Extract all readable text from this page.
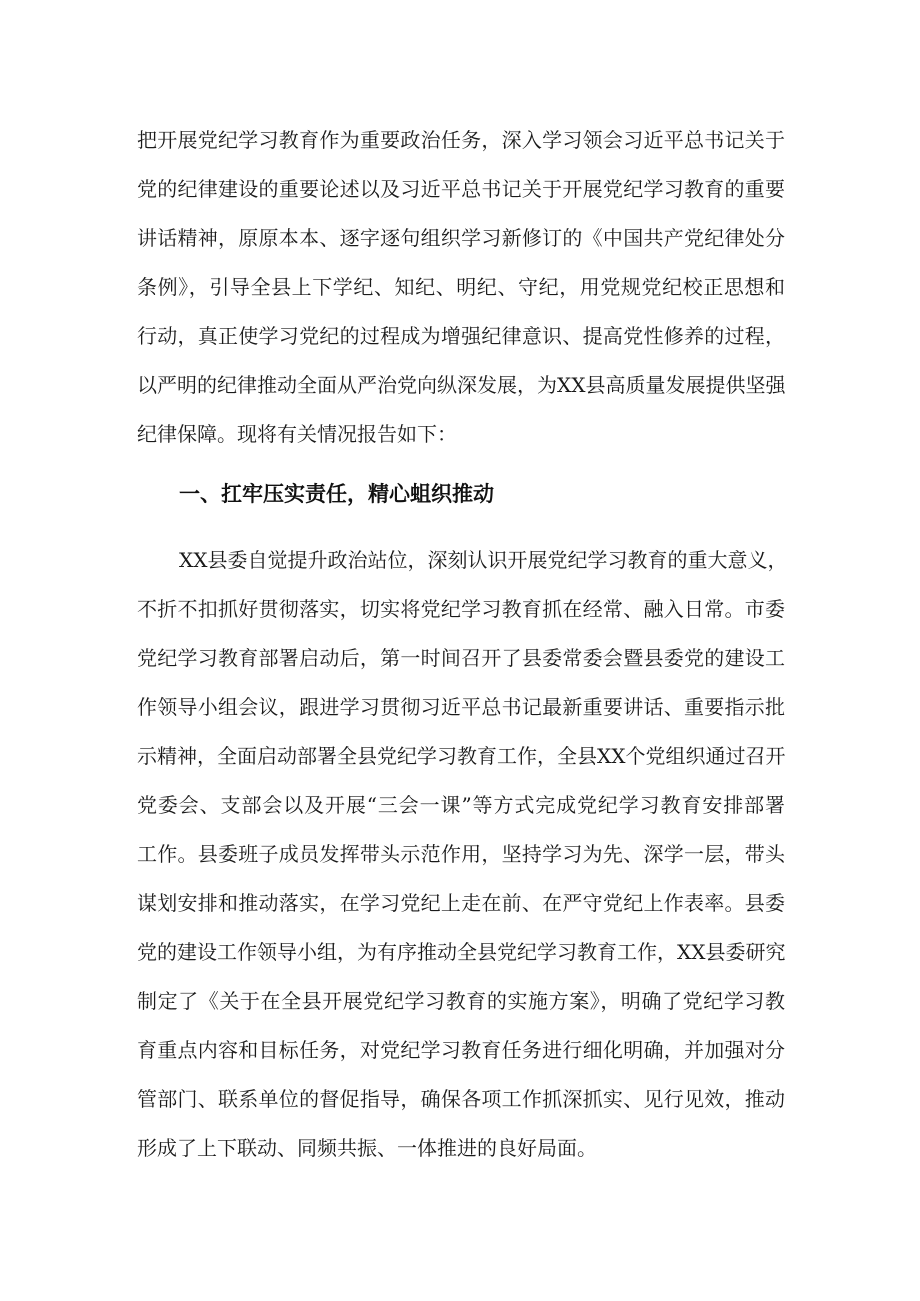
把开展党纪学习教育作为重要政治任务，深入学习领会习近平总书记关于
党的纪律建设的重要论述以及习近平总书记关于开展党纪学习教育的重要
讲话精神，原原本本、逐字逐句组织学习新修订的《中国共产党纪律处分
条例》，引导全县上下学纪、知纪、明纪、守纪，用党规党纪校正思想和
行动，真正使学习党纪的过程成为增强纪律意识、提高党性修养的过程，
以严明的纪律推动全面从严治党向纵深发展，为XX县高质量发展提供坚强
纪律保障。现将有关情况报告如下：
一、扛牢压实责任，精心蛆织推动
XX县委自觉提升政治站位，深刻认识开展党纪学习教育的重大意义，
不折不扣抓好贯彻落实，切实将党纪学习教育抓在经常、融入日常。市委
党纪学习教育部署启动后，第一时间召开了县委常委会暨县委党的建设工
作领导小组会议，跟进学习贯彻习近平总书记最新重要讲话、重要指示批
示精神，全面启动部署全县党纪学习教育工作，全县XX个党组织通过召开
党委会、支部会以及开展“三会一课”等方式完成党纪学习教育安排部署
工作。县委班子成员发挥带头示范作用，坚持学习为先、深学一层，带头
谋划安排和推动落实，在学习党纪上走在前、在严守党纪上作表率。县委
党的建设工作领导小组，为有序推动全县党纪学习教育工作，XX县委研究
制定了《关于在全县开展党纪学习教育的实施方案》，明确了党纪学习教
育重点内容和目标任务，对党纪学习教育任务进行细化明确，并加强对分
管部门、联系单位的督促指导，确保各项工作抓深抓实、见行见效，推动
形成了上下联动、同频共振、一体推进的良好局面。
